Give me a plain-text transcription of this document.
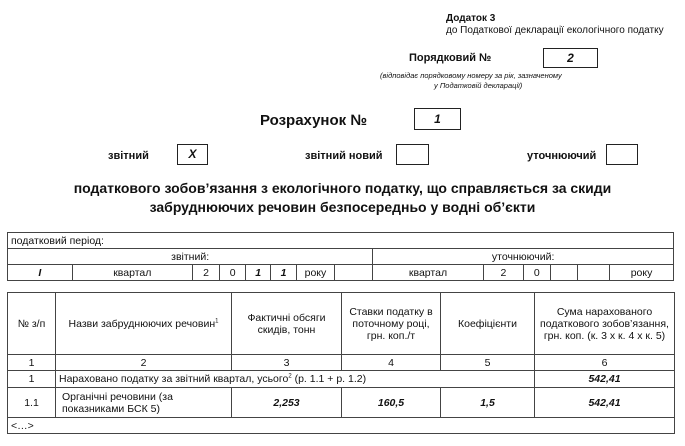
Додаток 3
до Податкової декларації екологічного податку
Порядковий №	2
(відповідає порядковому номеру за рік, зазначеному
у Податковій декларації)
Розрахунок №	1
звітний	X	звітний новий	уточнюючий
податкового зобов’язання з екологічного податку, що справляється за скиди
забруднюючих речовин безпосередньо у водні об’єкти
податковий період:													
звітний:								уточнюючий:					
I	квартал	2	0	1	1	року		квартал	2	0			року
№ з/п	Назви забруднюючих речовин$^1$	Фактичні обсяги скидів, тонн	Ставки податку в поточному році, грн. коп./т	Коефіцієнти	Сума нарахованого податкового зобов’язання, грн. коп. (к. 3 х к. 4 х к. 5)
1	2	3	4	5	6
1	Нараховано податку за звітний квартал, усього$^2$ (р. 1.1 + р. 1.2)				542,41
1.1	Органічні речовини (за показниками БСК 5)	2,253	160,5	1,5	542,41
<…>					
